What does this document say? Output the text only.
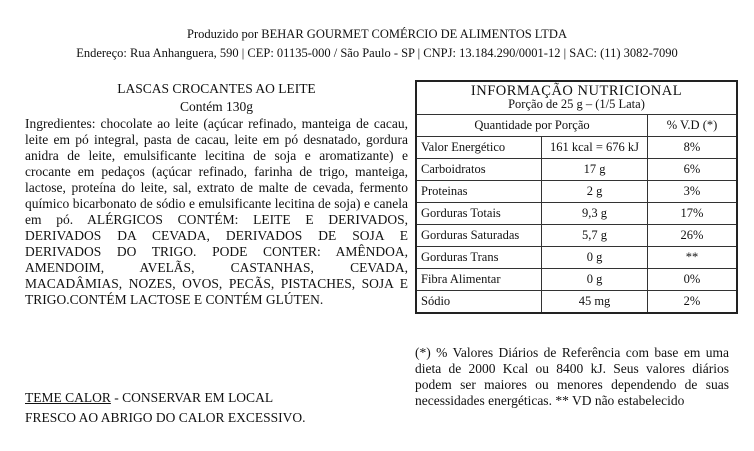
Produzido por BEHAR GOURMET COMÉRCIO DE ALIMENTOS LTDA
Endereço: Rua Anhanguera, 590 | CEP: 01135-000 / São Paulo - SP | CNPJ: 13.184.290/0001-12 | SAC: (11) 3082-7090
LASCAS CROCANTES AO LEITE
Contém 130g
Ingredientes: chocolate ao leite (açúcar refinado, manteiga de cacau, leite em pó integral, pasta de cacau, leite em pó desnatado, gordura anidra de leite, emulsificante lecitina de soja e aromatizante) e crocante em pedaços (açúcar refinado, farinha de trigo, manteiga, lactose, proteína do leite, sal, extrato de malte de cevada, fermento químico bicarbonato de sódio e emulsificante lecitina de soja) e canela em pó. ALÉRGICOS CONTÉM: LEITE E DERIVADOS, DERIVADOS DA CEVADA, DERIVADOS DE SOJA E DERIVADOS DO TRIGO. PODE CONTER: AMÊNDOA, AMENDOIM, AVELÃS, CASTANHAS, CEVADA, MACADÂMIAS, NOZES, OVOS, PECÃS, PISTACHES, SOJA E TRIGO.CONTÉM LACTOSE E CONTÉM GLÚTEN.
TEME CALOR - CONSERVAR EM LOCAL
FRESCO AO ABRIGO DO CALOR EXCESSIVO.
INFORMAÇÃO NUTRICIONAL
Porção de 25 g – (1/5 Lata)		

Quantidade por Porção		% V.D (*)
Valor Energético	161 kcal = 676 kJ	8%
Carboidratos	17 g	6%
Proteinas	2 g	3%
Gorduras Totais	9,3 g	17%
Gorduras Saturadas	5,7 g	26%
Gorduras Trans	0 g	**
Fibra Alimentar	0 g	0%
Sódio	45 mg	2%
(*) % Valores Diários de Referência com base em uma dieta de 2000 Kcal ou 8400 kJ. Seus valores diários podem ser maiores ou menores dependendo de suas necessidades energéticas. ** VD não estabelecido
